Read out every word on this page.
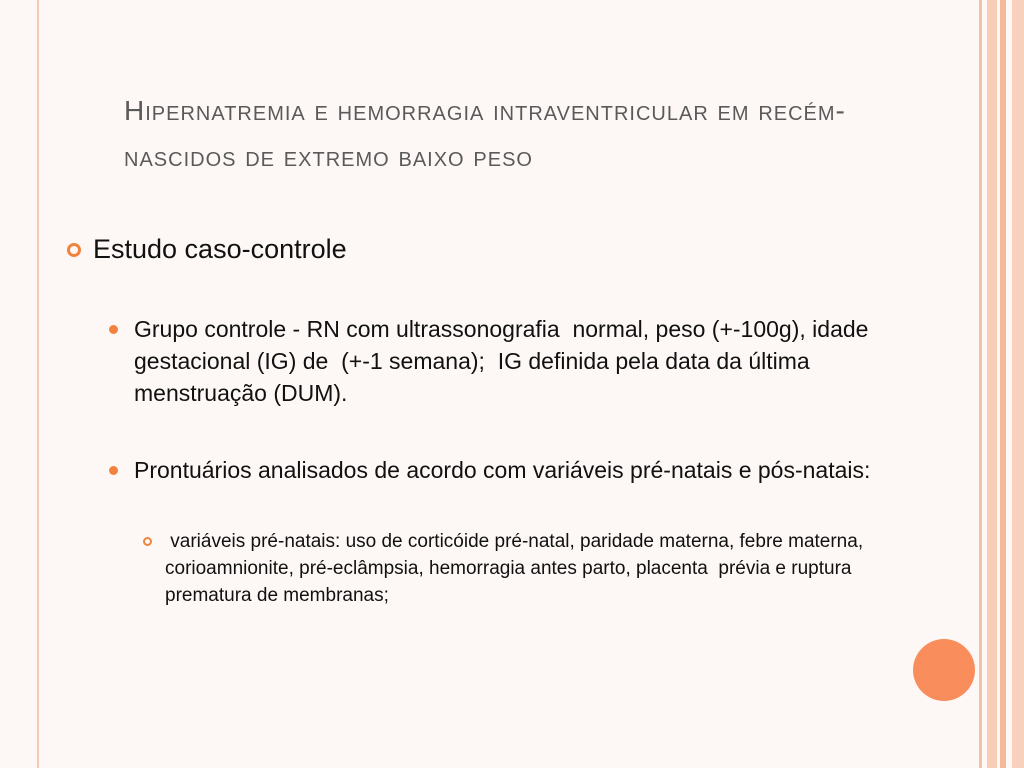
Hipernatremia e hemorragia intraventricular em recém-nascidos de extremo baixo peso
Estudo caso-controle
Grupo controle - RN com ultrassonografia  normal, peso (+-100g), idade gestacional (IG) de  (+-1 semana);  IG definida pela data da última menstruação (DUM).
Prontuários analisados de acordo com variáveis pré-natais e pós-natais:
variáveis pré-natais: uso de corticóide pré-natal, paridade materna, febre materna, corioamnionite, pré-eclâmpsia, hemorragia antes parto, placenta  prévia e ruptura prematura de membranas;
